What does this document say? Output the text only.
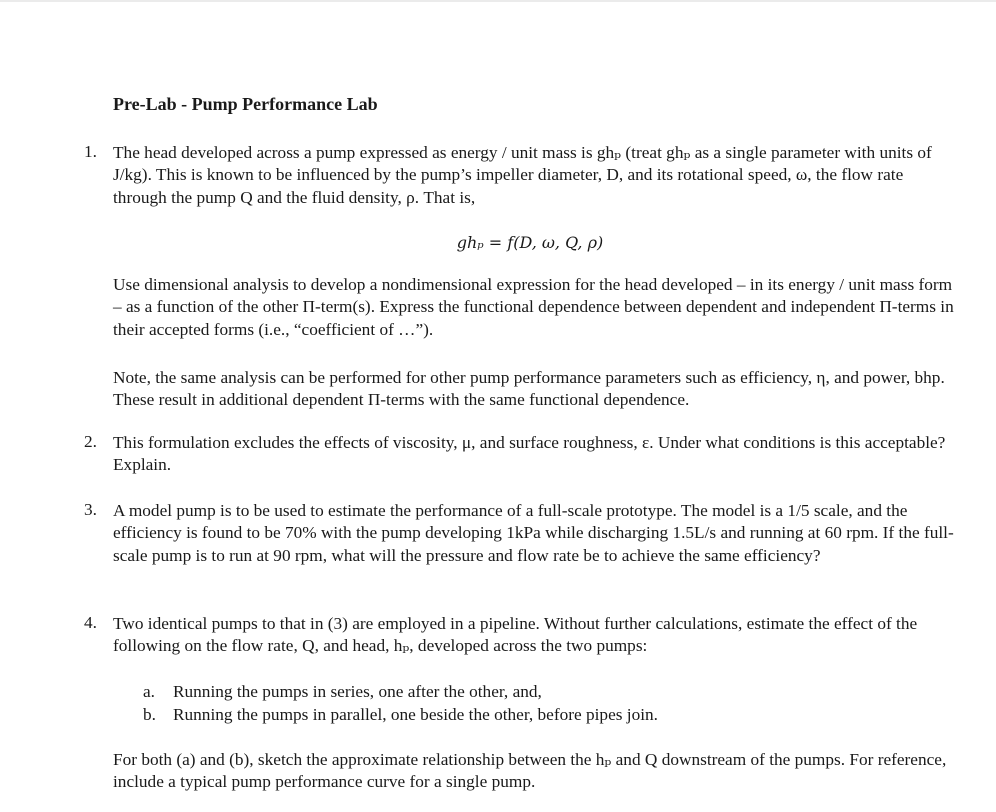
Pre-Lab - Pump Performance Lab
1. The head developed across a pump expressed as energy / unit mass is ghₚ (treat ghₚ as a single parameter with units of J/kg). This is known to be influenced by the pump’s impeller diameter, D, and its rotational speed, ω, the flow rate through the pump Q and the fluid density, ρ. That is,

ghₚ = f(D, ω, Q, ρ)

Use dimensional analysis to develop a nondimensional expression for the head developed – in its energy / unit mass form – as a function of the other Π-term(s). Express the functional dependence between dependent and independent Π-terms in their accepted forms (i.e., “coefficient of …”).

Note, the same analysis can be performed for other pump performance parameters such as efficiency, η, and power, bhp. These result in additional dependent Π-terms with the same functional dependence.

2. This formulation excludes the effects of viscosity, μ, and surface roughness, ε. Under what conditions is this acceptable? Explain.

3. A model pump is to be used to estimate the performance of a full-scale prototype. The model is a 1/5 scale, and the efficiency is found to be 70% with the pump developing 1kPa while discharging 1.5L/s and running at 60 rpm. If the full-scale pump is to run at 90 rpm, what will the pressure and flow rate be to achieve the same efficiency?

4. Two identical pumps to that in (3) are employed in a pipeline. Without further calculations, estimate the effect of the following on the flow rate, Q, and head, hₚ, developed across the two pumps:

a. Running the pumps in series, one after the other, and,
b. Running the pumps in parallel, one beside the other, before pipes join.

For both (a) and (b), sketch the approximate relationship between the hₚ and Q downstream of the pumps. For reference, include a typical pump performance curve for a single pump.
